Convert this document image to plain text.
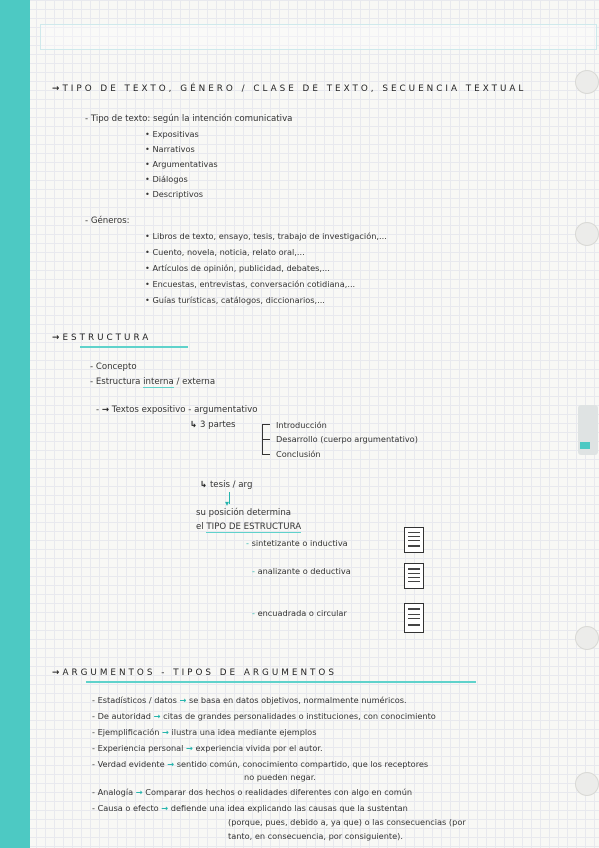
→ TIPO DE TEXTO, GÉNERO / CLASE DE TEXTO, SECUENCIA TEXTUAL
- Tipo de texto: según la intención comunicativa
• Expositivas
• Narrativos
• Argumentativas
• Diálogos
• Descriptivos
- Géneros:
• Libros de texto, ensayo, tesis, trabajo de investigación,...
• Cuento, novela, noticia, relato oral,...
• Artículos de opinión, publicidad, debates,...
• Encuestas, entrevistas, conversación cotidiana,...
• Guías turísticas, catálogos, diccionarios,...
→ ESTRUCTURA
- Concepto
- Estructura interna / externa
- → Textos expositivo - argumentativo
↳ 3 partes	Introducción
Desarrollo (cuerpo argumentativo)
Conclusión
↳ tesis / arg
▾
su posición determina
el TIPO DE ESTRUCTURA
- sintetizante o inductiva
- analizante o deductiva
- encuadrada o circular
→ ARGUMENTOS - TIPOS DE ARGUMENTOS
- Estadísticos / datos → se basa en datos objetivos, normalmente numéricos.
- De autoridad → citas de grandes personalidades o instituciones, con conocimiento
- Ejemplificación → ilustra una idea mediante ejemplos
- Experiencia personal → experiencia vivida por el autor.
- Verdad evidente → sentido común, conocimiento compartido, que los receptores
no pueden negar.
- Analogía → Comparar dos hechos o realidades diferentes con algo en común
- Causa o efecto → defiende una idea explicando las causas que la sustentan
(porque, pues, debido a, ya que) o las consecuencias (por
tanto, en consecuencia, por consiguiente).
